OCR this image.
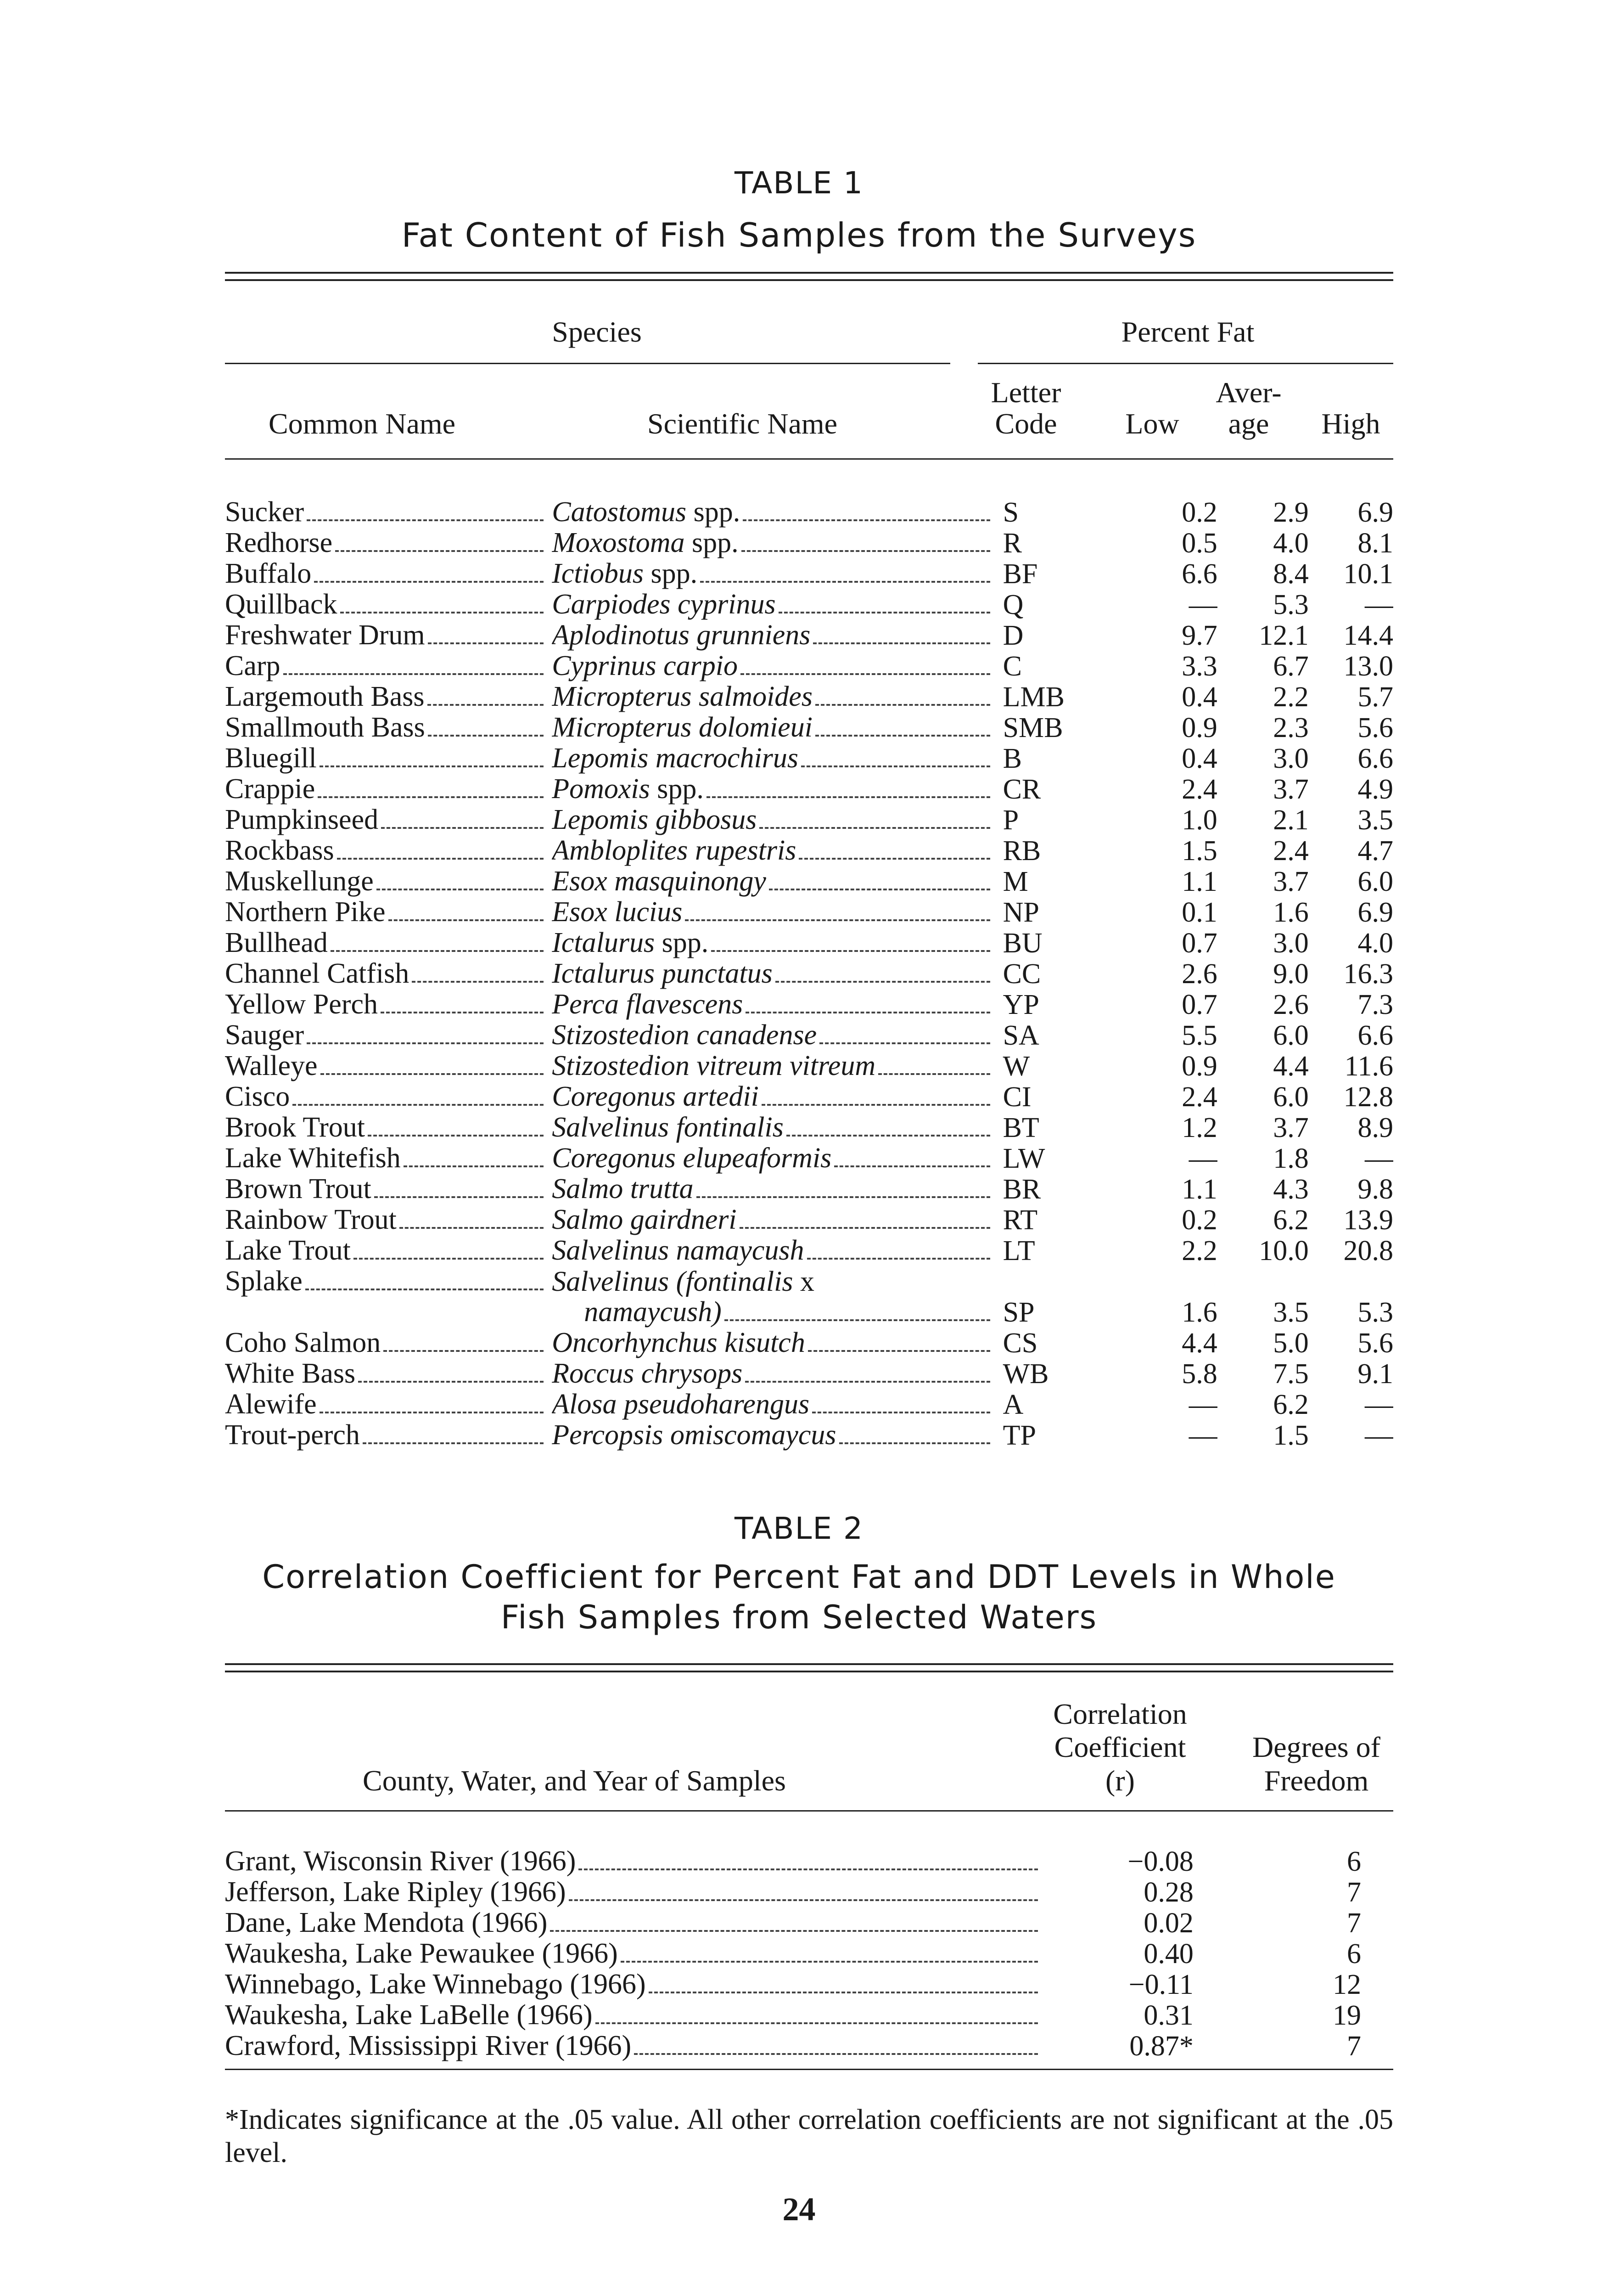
TABLE 1
Fat Content of Fish Samples from the Surveys
Species	Percent Fat
Common Name	Scientific Name
Letter
Code	Low
Aver-
age	High
Sucker	Catostomus spp.	S	0.2	2.9	6.9

Redhorse	Moxostoma spp.	R	0.5	4.0	8.1

Buffalo	Ictiobus spp.	BF	6.6	8.4	10.1

Quillback	Carpiodes cyprinus	Q	—	5.3	—

Freshwater Drum	Aplodinotus grunniens	D	9.7	12.1	14.4

Carp	Cyprinus carpio	C	3.3	6.7	13.0

Largemouth Bass	Micropterus salmoides	LMB	0.4	2.2	5.7

Smallmouth Bass	Micropterus dolomieui	SMB	0.9	2.3	5.6

Bluegill	Lepomis macrochirus	B	0.4	3.0	6.6

Crappie	Pomoxis spp.	CR	2.4	3.7	4.9

Pumpkinseed	Lepomis gibbosus	P	1.0	2.1	3.5

Rockbass	Ambloplites rupestris	RB	1.5	2.4	4.7

Muskellunge	Esox masquinongy	M	1.1	3.7	6.0

Northern Pike	Esox lucius	NP	0.1	1.6	6.9

Bullhead	Ictalurus spp.	BU	0.7	3.0	4.0

Channel Catfish	Ictalurus punctatus	CC	2.6	9.0	16.3

Yellow Perch	Perca flavescens	YP	0.7	2.6	7.3

Sauger	Stizostedion canadense	SA	5.5	6.0	6.6

Walleye	Stizostedion vitreum vitreum	W	0.9	4.4	11.6

Cisco	Coregonus artedii	CI	2.4	6.0	12.8

Brook Trout	Salvelinus fontinalis	BT	1.2	3.7	8.9

Lake Whitefish	Coregonus elupeaformis	LW	—	1.8	—

Brown Trout	Salmo trutta	BR	1.1	4.3	9.8

Rainbow Trout	Salmo gairdneri	RT	0.2	6.2	13.9

Lake Trout	Salvelinus namaycush	LT	2.2	10.0	20.8

Splake	Salvelinus (fontinalis x				

	namaycush)	SP	1.6	3.5	5.3

Coho Salmon	Oncorhynchus kisutch	CS	4.4	5.0	5.6

White Bass	Roccus chrysops	WB	5.8	7.5	9.1

Alewife	Alosa pseudoharengus	A	—	6.2	—

Trout-perch	Percopsis omiscomaycus	TP	—	1.5	—
TABLE 2
Correlation Coefficient for Percent Fat and DDT Levels in Whole
Fish Samples from Selected Waters
County, Water, and Year of Samples
Correlation
Coefficient
(r)
Degrees of
Freedom
Grant, Wisconsin River (1966)	−0.08	6

Jefferson, Lake Ripley (1966)	0.28	7

Dane, Lake Mendota (1966)	0.02	7

Waukesha, Lake Pewaukee (1966)	0.40	6

Winnebago, Lake Winnebago (1966)	−0.11	12

Waukesha, Lake LaBelle (1966)	0.31	19

Crawford, Mississippi River (1966)	0.87*	7
*Indicates significance at the .05 value. All other correlation coefficients are not significant at the .05 level.
24
